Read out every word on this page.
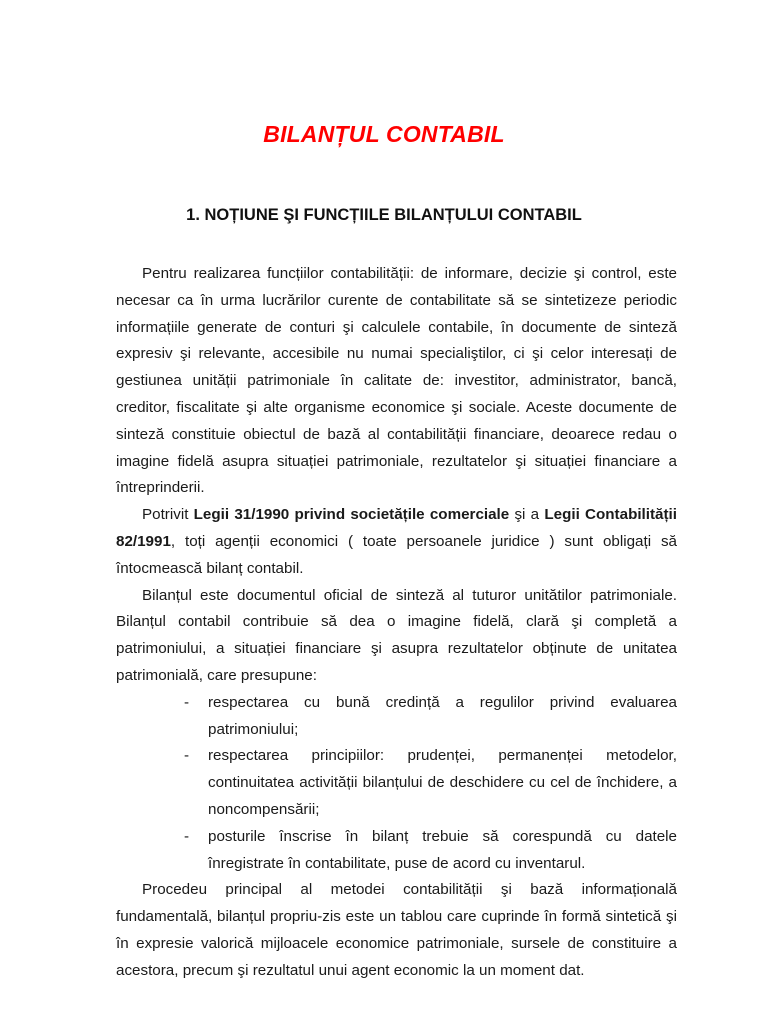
BILANȚUL CONTABIL
1. NOȚIUNE ŞI FUNCȚIILE BILANȚULUI CONTABIL

Pentru realizarea funcțiilor contabilității: de informare, decizie şi control, este necesar ca în urma lucrărilor curente de contabilitate să se sintetizeze periodic informațiile generate de conturi şi calculele contabile, în documente de sinteză expresiv şi relevante, accesibile nu numai specialiştilor, ci şi celor interesați de gestiunea unității patrimoniale în calitate de: investitor, administrator, bancă, creditor, fiscalitate şi alte organisme economice şi sociale. Aceste documente de sinteză constituie obiectul de bază al contabilității financiare, deoarece redau o imagine fidelă asupra situației patrimoniale, rezultatelor şi situației financiare a întreprinderii.

Potrivit Legii 31/1990 privind societățile comerciale şi a Legii Contabilității 82/1991, toți agenții economici ( toate persoanele juridice ) sunt obligați să întocmească bilanț contabil.

Bilanțul este documentul oficial de sinteză al tuturor unitătilor patrimoniale. Bilanțul contabil contribuie să dea o imagine fidelă, clară şi completă a patrimoniului, a situației financiare şi asupra rezultatelor obținute de unitatea patrimonială, care presupune:

- respectarea cu bună credință a regulilor privind evaluarea patrimoniului;
- respectarea principiilor: prudenței, permanenței metodelor, continuitatea activității bilanțului de deschidere cu cel de închidere, a noncompensării;
- posturile înscrise în bilanț trebuie să corespundă cu datele înregistrate în contabilitate, puse de acord cu inventarul.

Procedeu principal al metodei contabilității şi bază informațională fundamentală, bilanțul propriu-zis este un tablou care cuprinde în formă sintetică şi în expresie valorică mijloacele economice patrimoniale, sursele de constituire a acestora, precum şi rezultatul unui agent economic la un moment dat.
